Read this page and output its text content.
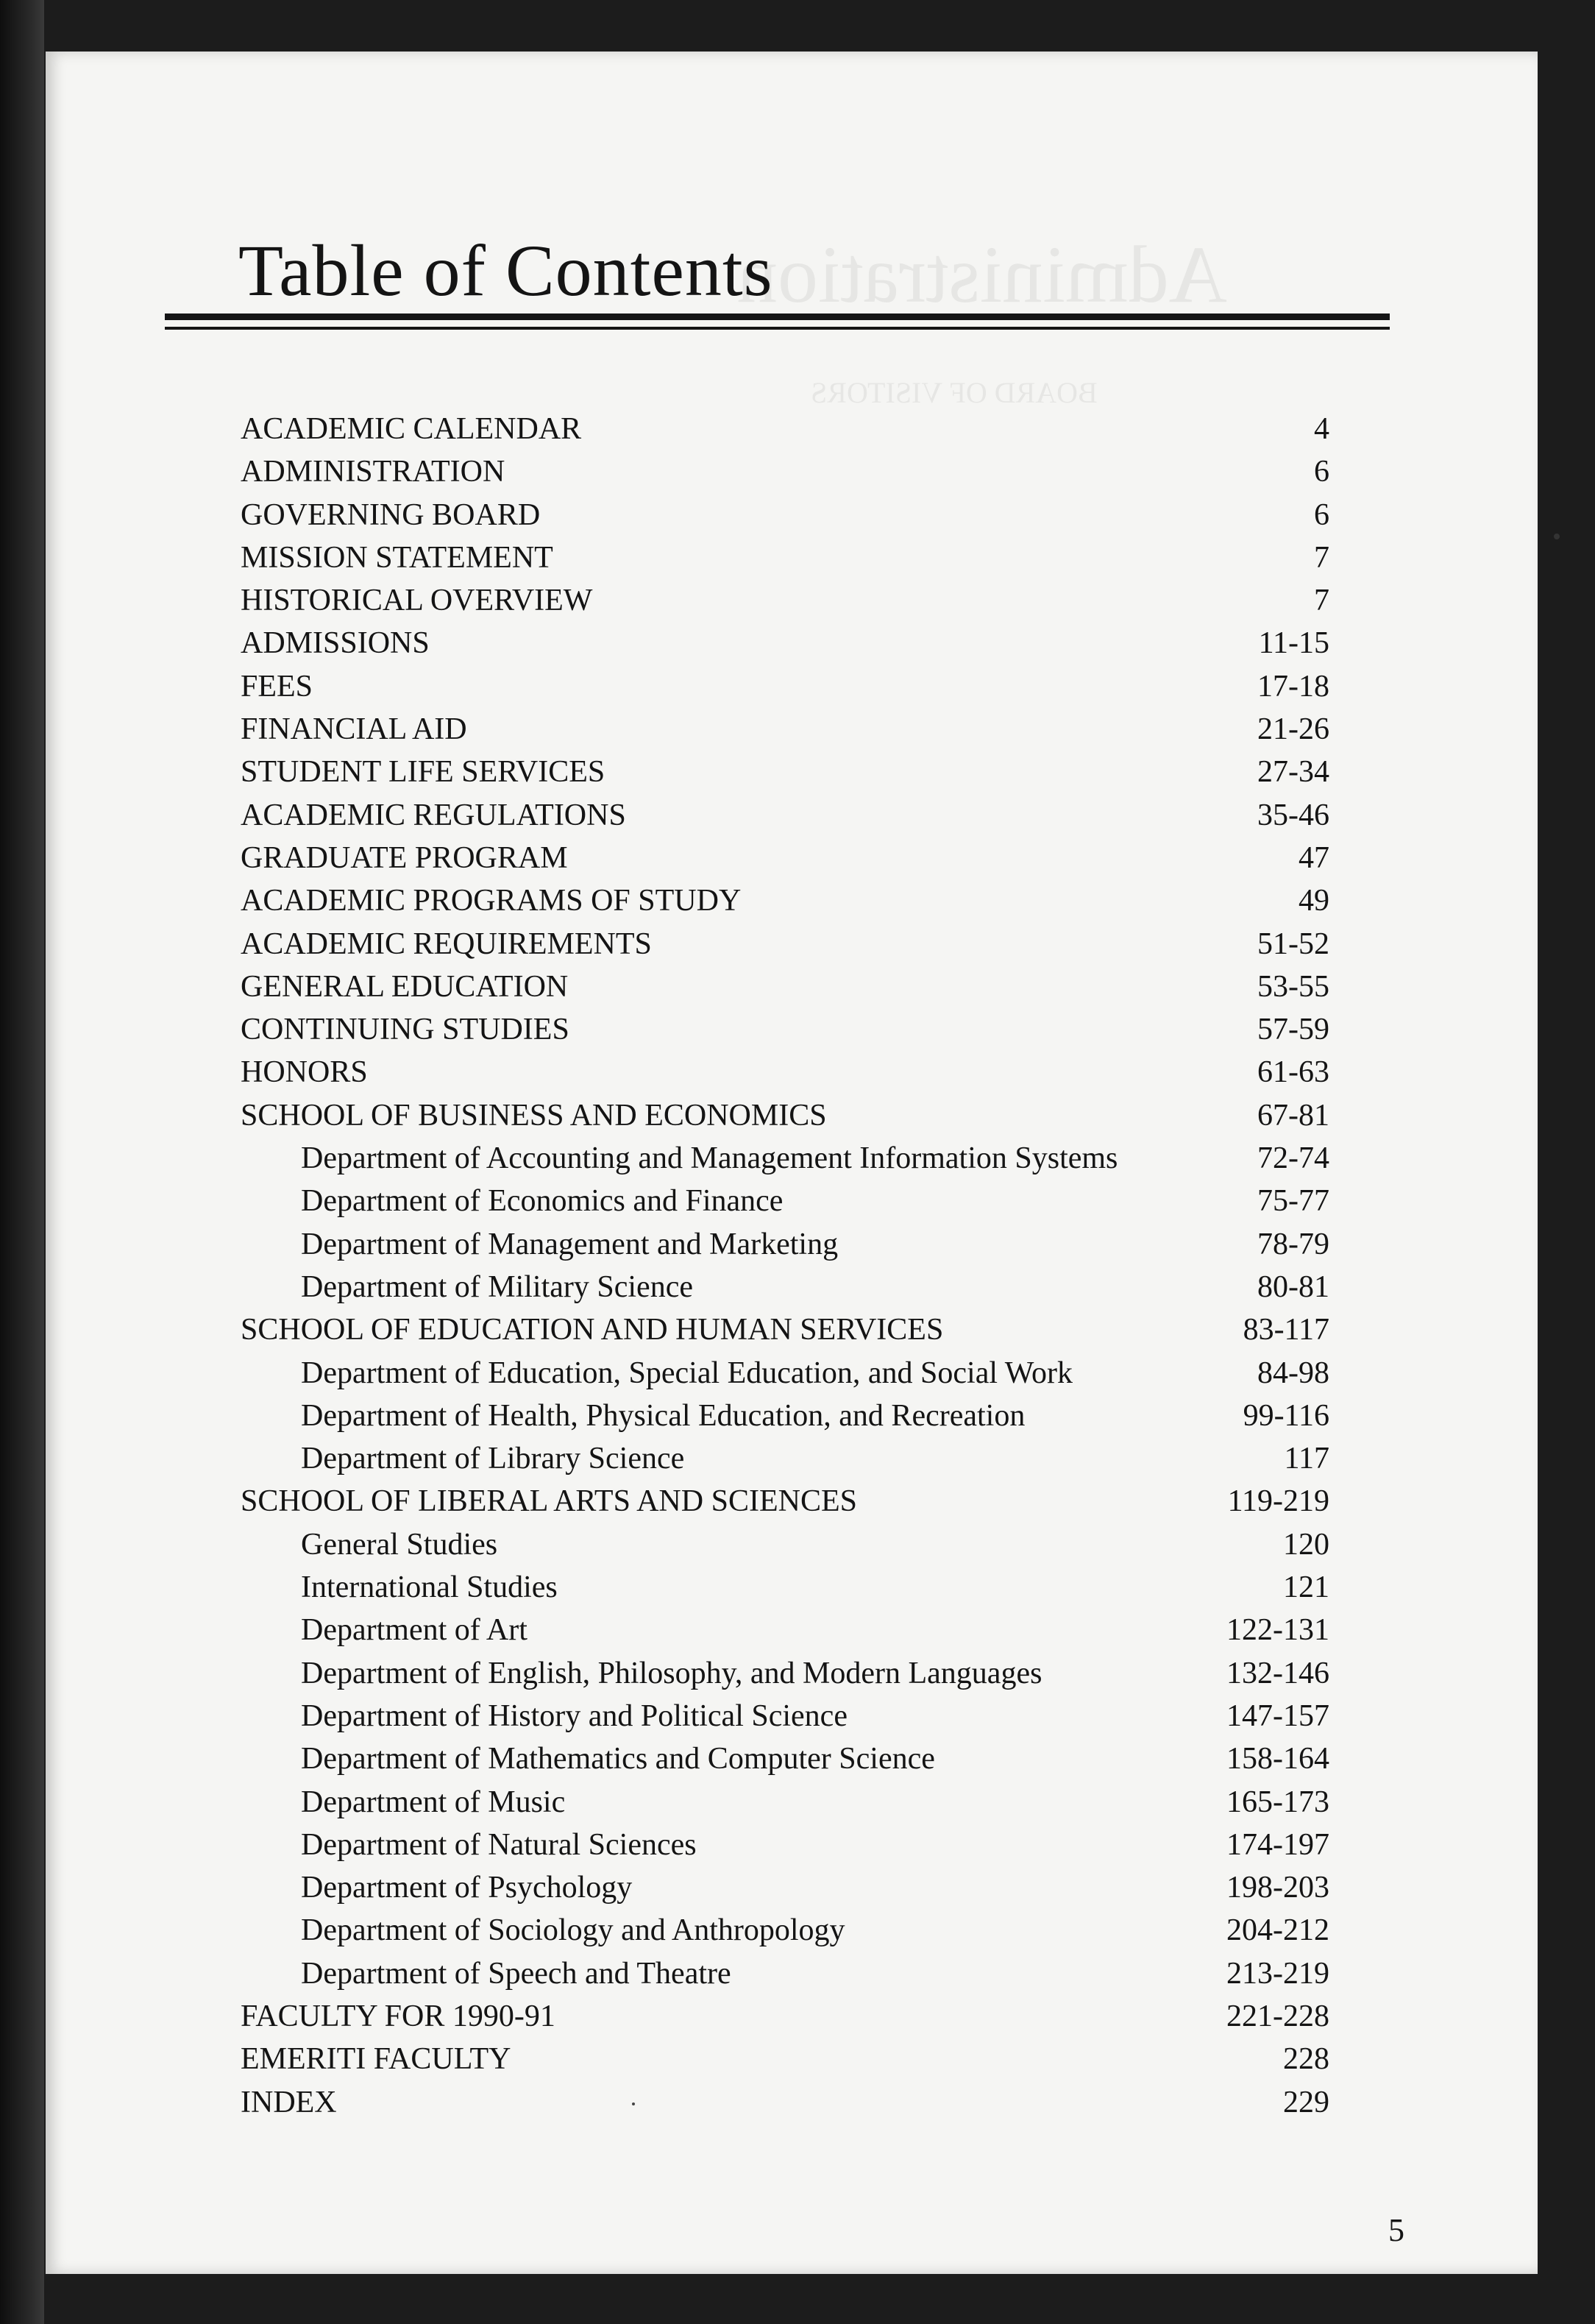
Administration
BOARD OF VISITORS
Table of Contents
ACADEMIC CALENDAR	4
ADMINISTRATION	6
GOVERNING BOARD	6
MISSION STATEMENT	7
HISTORICAL OVERVIEW	7
ADMISSIONS	11-15
FEES	17-18
FINANCIAL AID	21-26
STUDENT LIFE SERVICES	27-34
ACADEMIC REGULATIONS	35-46
GRADUATE PROGRAM	47
ACADEMIC PROGRAMS OF STUDY	49
ACADEMIC REQUIREMENTS	51-52
GENERAL EDUCATION	53-55
CONTINUING STUDIES	57-59
HONORS	61-63
SCHOOL OF BUSINESS AND ECONOMICS	67-81
Department of Accounting and Management Information Systems	72-74
Department of Economics and Finance	75-77
Department of Management and Marketing	78-79
Department of Military Science	80-81
SCHOOL OF EDUCATION AND HUMAN SERVICES	83-117
Department of Education, Special Education, and Social Work	84-98
Department of Health, Physical Education, and Recreation	99-116
Department of Library Science	117
SCHOOL OF LIBERAL ARTS AND SCIENCES	119-219
General Studies	120
International Studies	121
Department of Art	122-131
Department of English, Philosophy, and Modern Languages	132-146
Department of History and Political Science	147-157
Department of Mathematics and Computer Science	158-164
Department of Music	165-173
Department of Natural Sciences	174-197
Department of Psychology	198-203
Department of Sociology and Anthropology	204-212
Department of Speech and Theatre	213-219
FACULTY FOR 1990-91	221-228
EMERITI FACULTY	228
INDEX	229
5
